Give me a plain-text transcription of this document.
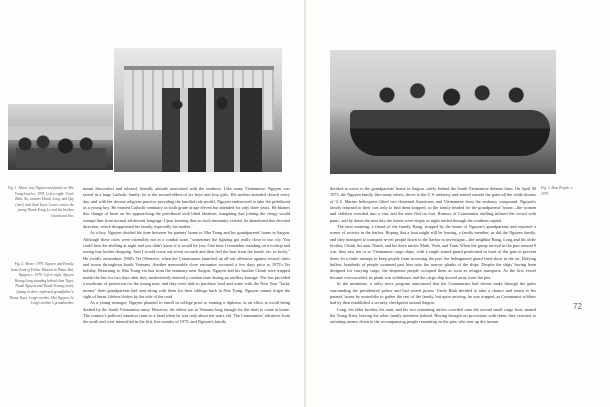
Fig. 1. Above: boy Nguyen and family on Nha Trang beach c. 1978. Left to right: Uncle Binh, Nu, cousins Thanh, Long, and Quy (rear) with Aunt Tuyet. Lower center, the young Thanh Trung Le and his brother, Chanh and Son.
Fig. 2. Above: 1979. Nguyen and Family, home front of Father Mission in Phuoc Hai, Nguyen, c. 1970. Left to right: Nguyen Hoang Long standing behind Aunt Tuyet, Thanh Nguyen and Thanh Truong (rear), Quang in their confirmed grandfather's, Thuan Tuyet, Long's mother, Mai Nguyen, Le Long's mother's grandmother.

meant discomfort and relaxed, friendly attitude associated with the seashore. Like many Vietnamese, Nguyen was raised in a large Catholic family: he is the second-eldest of six boys and four girls. His mother attended church every day, and with her devout religious practice providing the familial role model, Nguyen endeavored to take the priesthood as a young boy. He entered Catholic seminary in sixth grade at age eleven but attended for only three years. He blames this change of heart on his approaching the priesthood with blind idealism, imagining that joining the clergy would exempt him from normal adolescent longings. Upon learning that no such immunity existed, he abandoned this devoted direction, which disappointed his family, especially his mother.

As a boy, Nguyen divided his time between his parents' home in Nha Trang and his grandparents' home in Saigon. Although these cities were ostensibly not in a combat zone, "sometimes the fighting got really close to our city. You could hear the shelling at night and you didn't know if it would hit you. One time I remember standing on a rooftop and seeing tiny bodies dropping. And I would come out seven seconds and then feel the heat from the bomb, far, so lucky." He vividly remembers 1968's Tet Offensive, when the Communists launched an all-out offensive against several cities and towns throughout South Vietnam. Another memorable close encounter occurred a few days prior to 1975's Tet holiday. Returning to Nha Trang via bus from the seminary near Saigon, Nguyen and his brother Chinh were trapped inside the bus for two days after they inadvertently entered a combat zone during an artillery barrage. The bus provided a modicum of protection for the young men, and they were able to purchase food and water with the New Year "lucky money" their grandparents had sent along with them for their siblings back in Nha Trang. Nguyen cannot forget the sight of burnt, lifeless bodies by the side of the road.

As a young teenager, Nguyen planned to enroll in college prior to earning a diploma, in an effort to avoid being drafted by the South Vietnamese army. However, his oldest son in Vietnam long enough for the draft to come at home. The country's political situation came to a head when he was only about ten years old. The Communists' advances from the north and west intensified in the first five months of 1975, and Nguyen's family

Fig. 3. Boat People, c. 1975.

decided to move to the grandparents' house in Saigon, safely behind the South Vietnamese defense lines. On April 30 1975, the Nguyen family, like many others, drove to the U.S. embassy and waited outside the gates all the while dozens of U.S. Marine helicopters lifted two thousand Americans and Vietnamese from the embassy compound. Nguyen's family returned to their cars only to find them stripped, so the family headed for the grandparents' house—the women and children crowded into a van, and the men fled on foot. Rumors of Communist shelling infused the crowd with panic, and by dawn the next day the streets were empty as night settled through the southern capital.

The next morning, a friend of the family, Bang, stopped by the home of Nguyen's grandparents and reported a rumor of activity in the harbor. Hoping that a boat might still be leaving, a family member, as did the Nguyen family, and they managed to transport seven people down to the harbor to investigate—the neighbor Bang, Long and his older brother, Chinh, his aunt Thanh, and his three uncles Minh, Vinh, and Tuan. When the group arrived in the port around 9 a.m. they saw ten or so Vietnamese cargo ships, with a single armed guard positioned in front of the gate to prevent them. In a futile attempt to keep people from accessing the pier, the beleaguered guard fired shots in the air. Defying bullets, hundreds of people swarmed past him onto the narrow planks of the ships. Despite the ships' having been designed for carrying cargo, the desperate people occupied them as soon as refugee transports. As the first vessel became overcrowded, its plank was withdrawn, and the cargo ship moved away from the pier.

In the meantime, a radio news program announced that the Communists had driven tanks through the gates surrounding the presidential palace and had seized power. Uncle Binh decided to take a chance and return to his parents' house by motorbike to gather the rest of the family, but upon arriving, he was trapped, as Communist soldiers had by then established a security checkpoint around Saigon.

Long, his elder brother, his aunt, and his two remaining uncles crowded onto the second small cargo boat, named the Trung Kien, leaving the other family members behind. Having brought no provisions with them, they resorted to rationing money down to the accompanying people remaining on the pier, who sent up dry instant

72
